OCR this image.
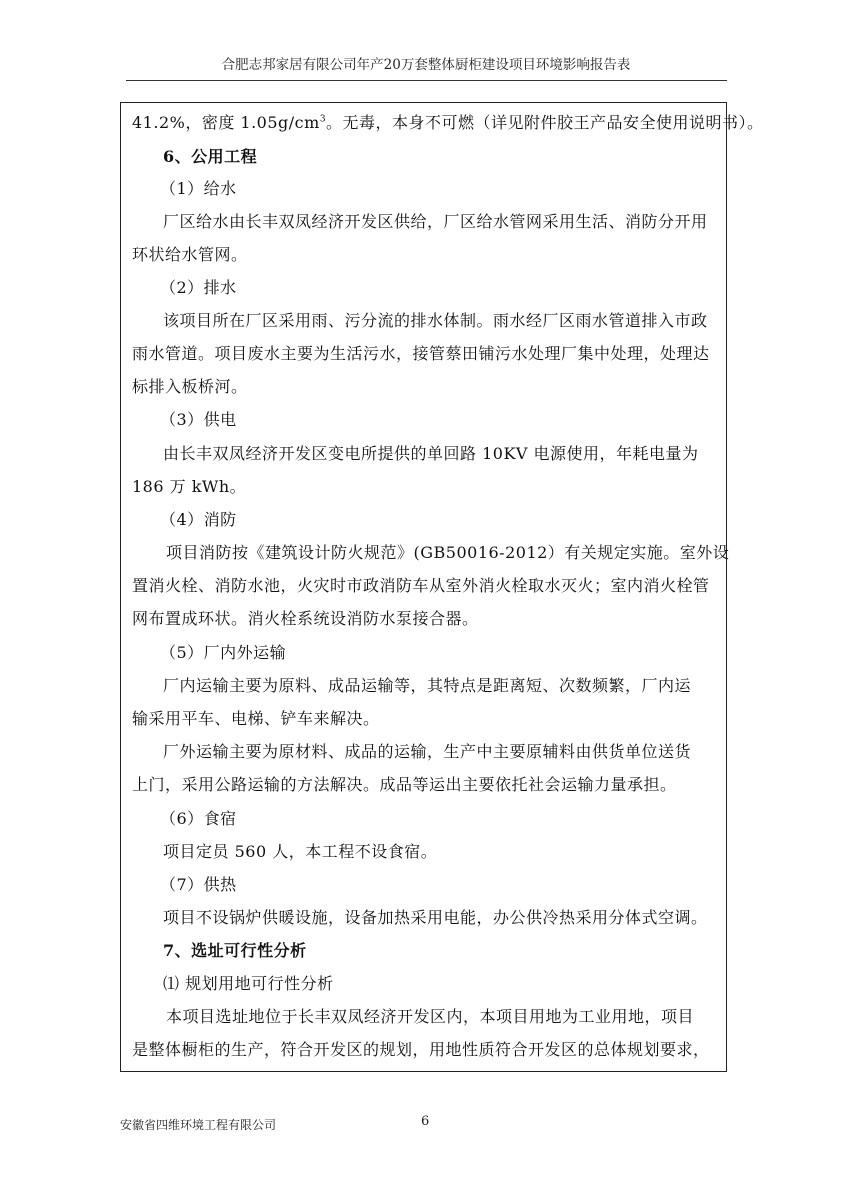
合肥志邦家居有限公司年产20万套整体厨柜建设项目环境影响报告表
41.2%，密度 $1.05g/cm^3$。无毒，本身不可燃（详见附件胶王产品安全使用说明书）。
6、公用工程
（1）给水
厂区给水由长丰双凤经济开发区供给，厂区给水管网采用生活、消防分开用
环状给水管网。
（2）排水
该项目所在厂区采用雨、污分流的排水体制。雨水经厂区雨水管道排入市政
雨水管道。项目废水主要为生活污水，接管蔡田铺污水处理厂集中处理，处理达
标排入板桥河。
（3）供电
由长丰双凤经济开发区变电所提供的单回路 10KV 电源使用，年耗电量为
186 万 kWh。
（4）消防
项目消防按《建筑设计防火规范》(GB50016-2012）有关规定实施。室外设
置消火栓、消防水池，火灾时市政消防车从室外消火栓取水灭火；室内消火栓管
网布置成环状。消火栓系统设消防水泵接合器。
（5）厂内外运输
厂内运输主要为原料、成品运输等，其特点是距离短、次数频繁，厂内运
输采用平车、电梯、铲车来解决。
厂外运输主要为原材料、成品的运输，生产中主要原辅料由供货单位送货
上门，采用公路运输的方法解决。成品等运出主要依托社会运输力量承担。
（6）食宿
项目定员 560 人，本工程不设食宿。
（7）供热
项目不设锅炉供暖设施，设备加热采用电能，办公供冷热采用分体式空调。
7、选址可行性分析
⑴ 规划用地可行性分析
本项目选址地位于长丰双凤经济开发区内，本项目用地为工业用地，项目
是整体橱柜的生产，符合开发区的规划，用地性质符合开发区的总体规划要求，
安徽省四维环境工程有限公司	6
